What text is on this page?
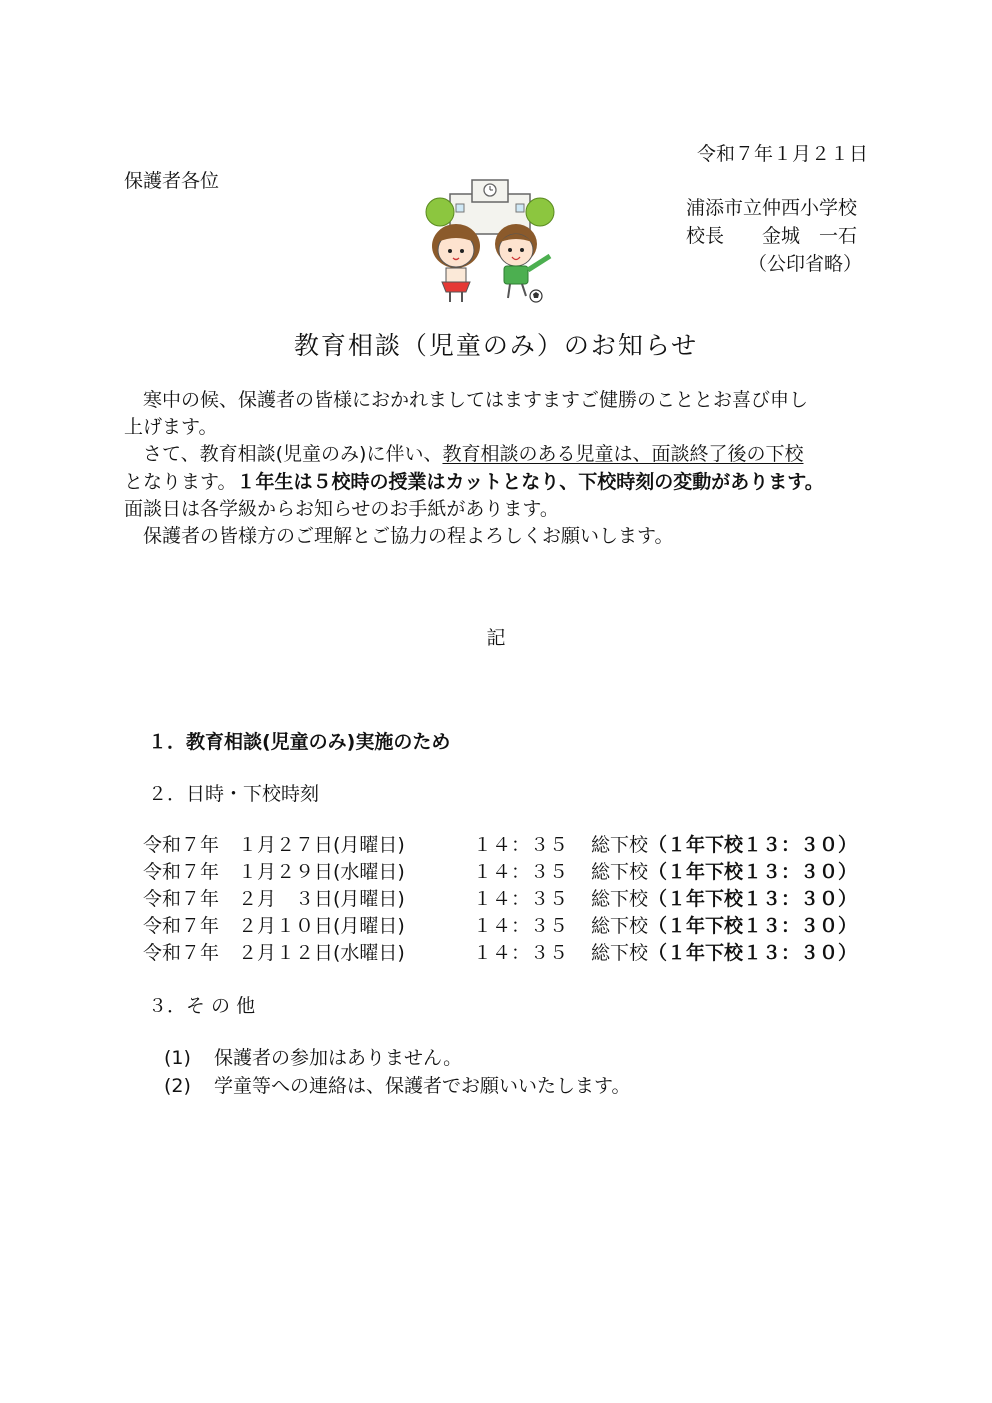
令和７年１月２１日
保護者各位
浦添市立仲西小学校
校長　　金城　一石
（公印省略）
教育相談（児童のみ）のお知らせ
　寒中の候、保護者の皆様におかれましてはますますご健勝のこととお喜び申し
上げます。
　さて、教育相談(児童のみ)に伴い、教育相談のある児童は、面談終了後の下校
となります。１年生は５校時の授業はカットとなり、下校時刻の変動があります。
面談日は各学級からお知らせのお手紙があります。
　保護者の皆様方のご理解とご協力の程よろしくお願いします。
記
１．教育相談(児童のみ)実施のため
２．日時・下校時刻
令和７年　１月２７日(月曜日)	１４：３５ 総下校（１年下校１３：３０）
令和７年　１月２９日(水曜日)	１４：３５ 総下校（１年下校１３：３０）
令和７年　２月　３日(月曜日)	１４：３５ 総下校（１年下校１３：３０）
令和７年　２月１０日(月曜日)	１４：３５ 総下校（１年下校１３：３０）
令和７年　２月１２日(水曜日)	１４：３５ 総下校（１年下校１３：３０）
３．そ の 他
(1) 保護者の参加はありません。
(2) 学童等への連絡は、保護者でお願いいたします。
